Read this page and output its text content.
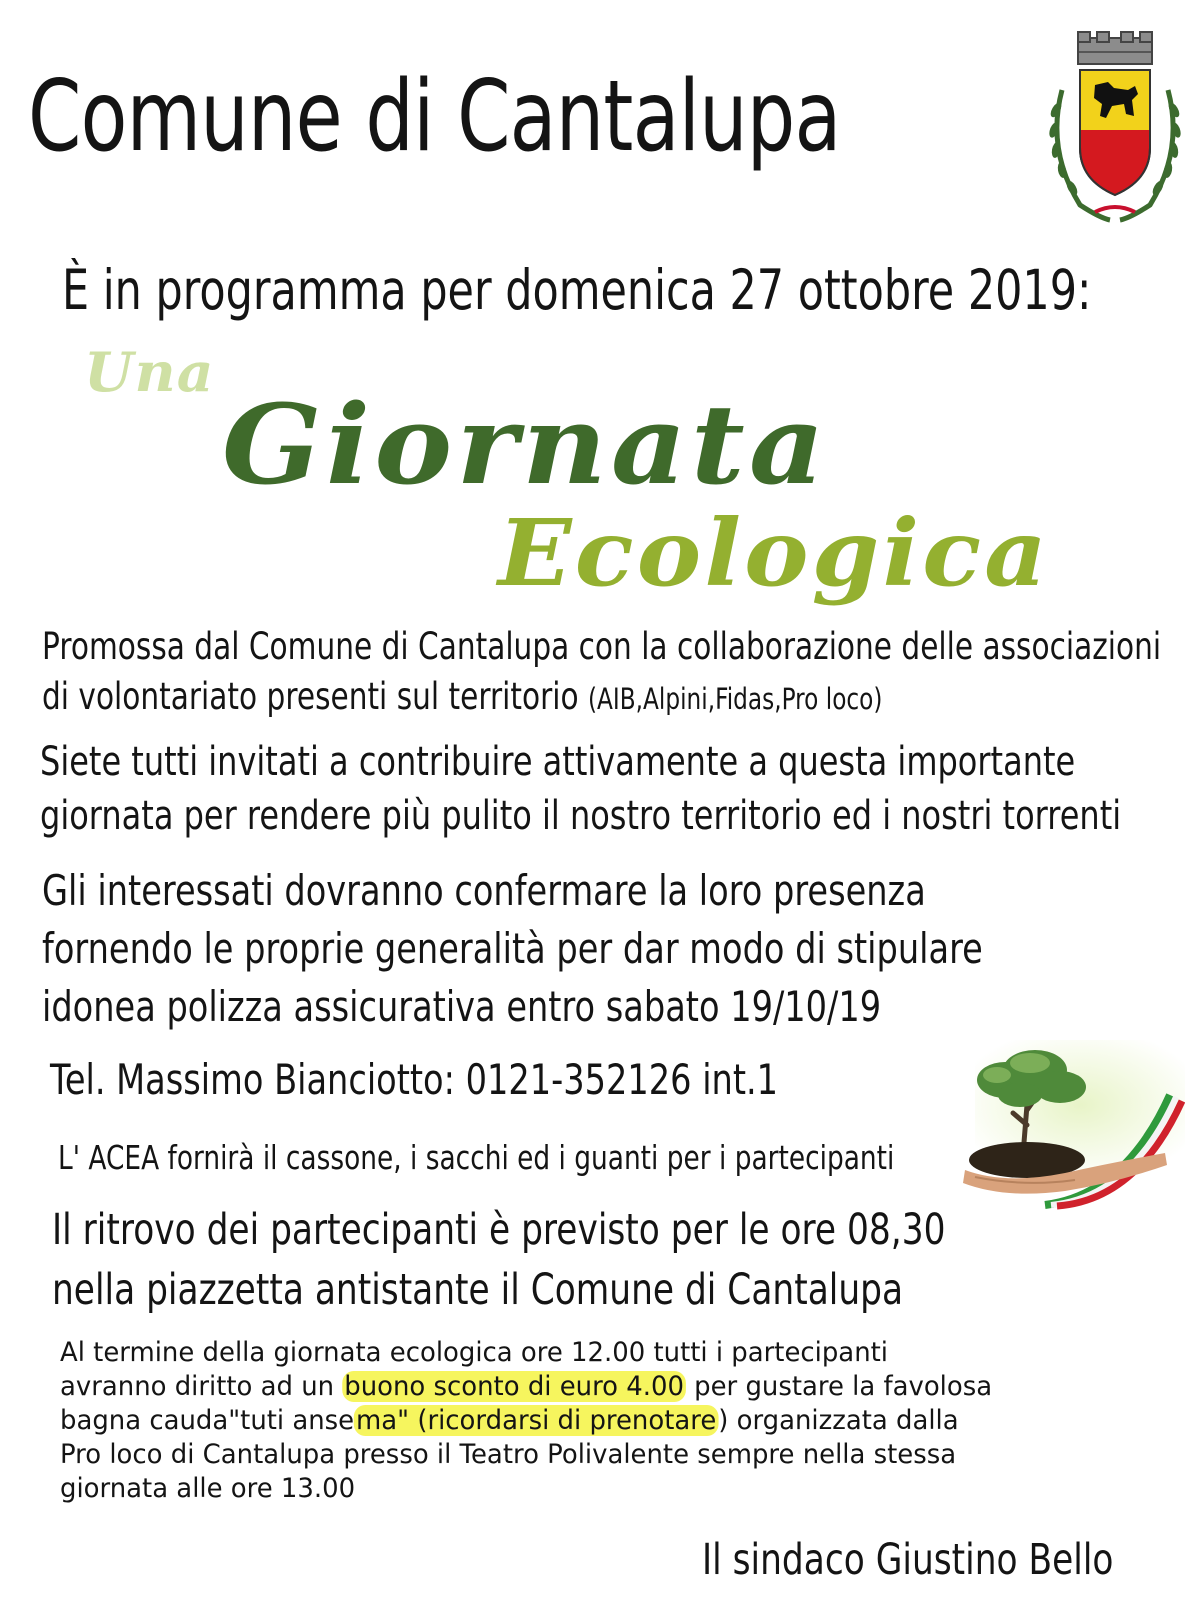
Comune di Cantalupa
È in programma per domenica 27 ottobre 2019:
Una
Giornata
Ecologica
Promossa dal Comune di Cantalupa con la collaborazione delle associazioni
di volontariato presenti sul territorio (AIB,Alpini,Fidas,Pro loco)
Siete tutti invitati a contribuire attivamente a questa importante
giornata per rendere più pulito il nostro territorio ed i nostri torrenti
Gli interessati dovranno confermare la loro presenza
fornendo le proprie generalità per dar modo di stipulare
idonea polizza assicurativa entro sabato 19/10/19
Tel. Massimo Bianciotto: 0121-352126 int.1
L' ACEA fornirà il cassone, i sacchi ed i guanti per i partecipanti
Il ritrovo dei partecipanti è previsto per le ore 08,30
nella piazzetta antistante il Comune di Cantalupa
Al termine della giornata ecologica ore 12.00 tutti i partecipanti
avranno diritto ad un buono sconto di euro 4.00 per gustare la favolosa
bagna cauda"tuti ansema" (ricordarsi di prenotare) organizzata dalla
Pro loco di Cantalupa presso il Teatro Polivalente sempre nella stessa
giornata alle ore 13.00
Il sindaco Giustino Bello
